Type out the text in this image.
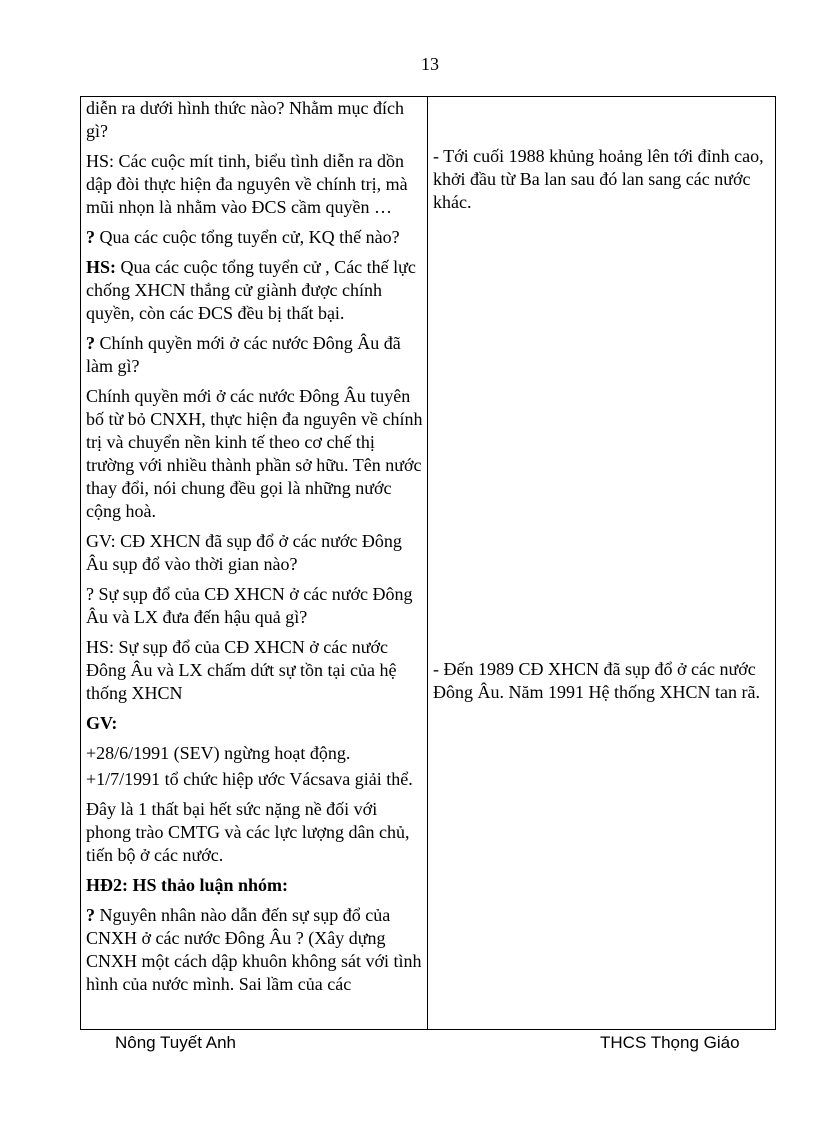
13

diễn ra dưới hình thức nào? Nhằm mục đích gì?

HS: Các cuộc mít tinh, biểu tình diễn ra dồn dập đòi thực hiện đa nguyên về chính trị, mà mũi nhọn là nhằm vào ĐCS cầm quyền …

? Qua các cuộc tổng tuyển cử, KQ thế nào?

HS: Qua các cuộc tổng tuyển cử , Các thế lực chống XHCN thắng cử giành được chính quyền, còn các ĐCS đều bị thất bại.

? Chính quyền mới ở các nước Đông Âu đã làm gì?

Chính quyền mới ở các nước Đông Âu tuyên bố từ bỏ CNXH, thực hiện đa nguyên về chính trị và chuyển nền kinh tế theo cơ chế thị trường với nhiều thành phần sở hữu. Tên nước thay đổi, nói chung đều gọi là những nước cộng hoà.

GV: CĐ XHCN đã sụp đổ ở các nước Đông Âu sụp đổ vào thời gian nào?

? Sự sụp đổ của CĐ XHCN ở các nước Đông Âu và LX đưa đến hậu quả gì?

HS: Sự sụp đổ của CĐ XHCN ở các nước Đông Âu và LX chấm dứt sự tồn tại của hệ thống XHCN

GV:

+28/6/1991 (SEV) ngừng hoạt động.

+1/7/1991 tổ chức hiệp ước Vácsava giải thể.

Đây là 1 thất bại hết sức nặng nề đối với phong trào CMTG và các lực lượng dân chủ, tiến bộ ở các nước.

HĐ2: HS thảo luận nhóm:

? Nguyên nhân nào dẫn đến sự sụp đổ của CNXH ở các nước Đông Âu ? (Xây dựng CNXH một cách dập khuôn không sát với tình hình của nước mình. Sai lầm của các

- Tới cuối 1988 khủng hoảng lên tới đỉnh cao, khởi đầu từ Ba lan sau đó lan sang các nước khác.

- Đến 1989 CĐ XHCN đã sụp đổ ở các nước Đông Âu. Năm 1991 Hệ thống XHCN tan rã.

Nông Tuyết Anh	THCS Thọng Giáo
